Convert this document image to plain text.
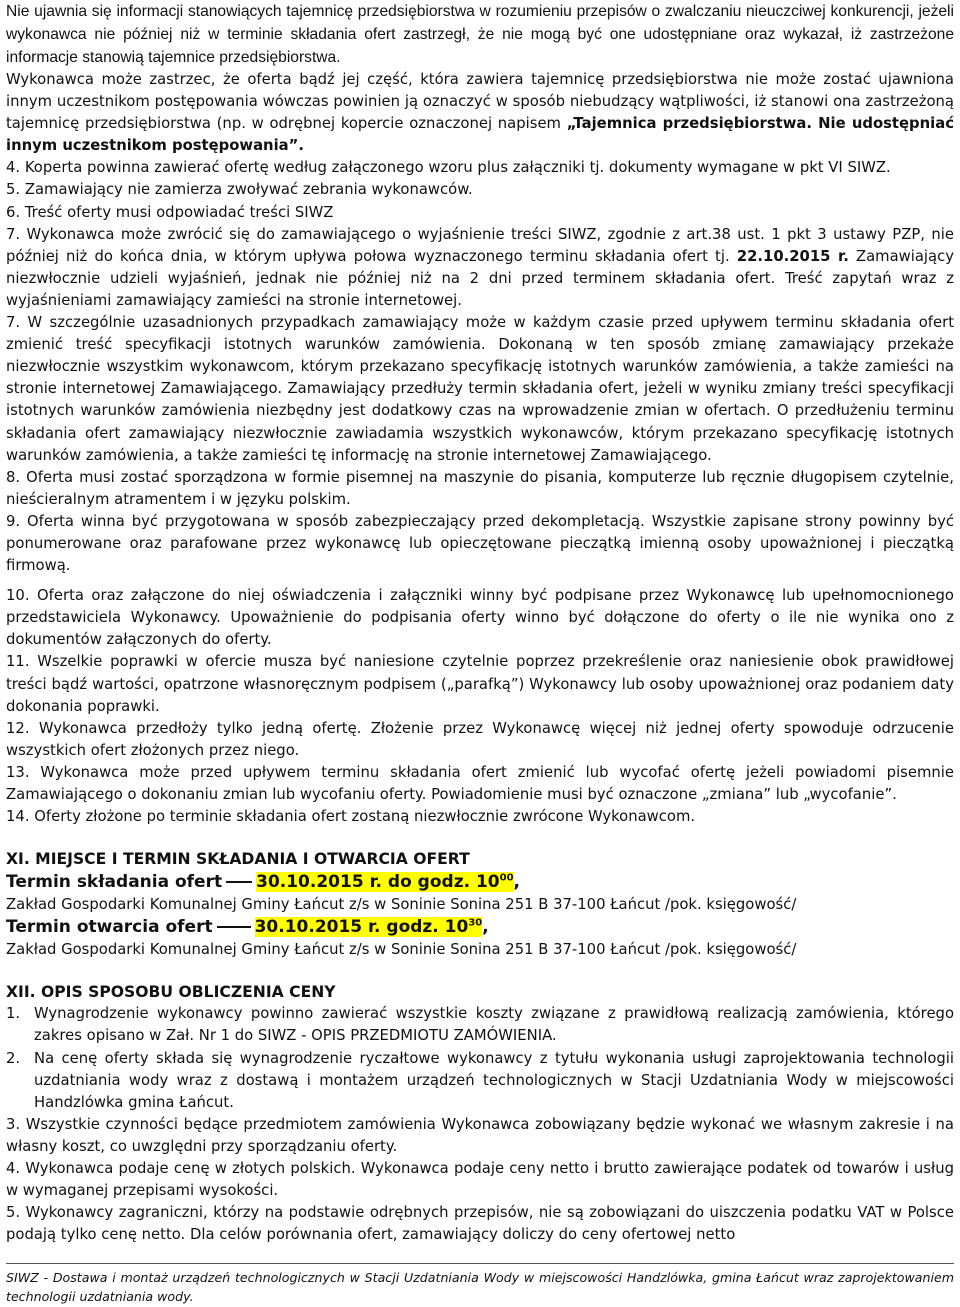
Nie ujawnia się informacji stanowiących tajemnicę przedsiębiorstwa w rozumieniu przepisów o zwalczaniu nieuczciwej konkurencji, jeżeli wykonawca nie później niż w terminie składania ofert zastrzegł, że nie mogą być one udostępniane oraz wykazał, iż zastrzeżone informacje stanowią tajemnice przedsiębiorstwa.

Wykonawca może zastrzec, że oferta bądź jej część, która zawiera tajemnicę przedsiębiorstwa nie może zostać ujawniona innym uczestnikom postępowania wówczas powinien ją oznaczyć w sposób niebudzący wątpliwości, iż stanowi ona zastrzeżoną tajemnicę przedsiębiorstwa (np. w odrębnej kopercie oznaczonej napisem „Tajemnica przedsiębiorstwa. Nie udostępniać innym uczestnikom postępowania”.

4. Koperta powinna zawierać ofertę według załączonego wzoru plus załączniki tj. dokumenty wymagane w pkt VI SIWZ.

5. Zamawiający nie zamierza zwoływać zebrania wykonawców.

6. Treść oferty musi odpowiadać treści SIWZ

7. Wykonawca może zwrócić się do zamawiającego o wyjaśnienie treści SIWZ, zgodnie z art.38 ust. 1 pkt 3 ustawy PZP, nie później niż do końca dnia, w którym upływa połowa wyznaczonego terminu składania ofert tj. 22.10.2015 r. Zamawiający niezwłocznie udzieli wyjaśnień, jednak nie później niż na 2 dni przed terminem składania ofert. Treść zapytań wraz z wyjaśnieniami zamawiający zamieści na stronie internetowej.

7. W szczególnie uzasadnionych przypadkach zamawiający może w każdym czasie przed upływem terminu składania ofert zmienić treść specyfikacji istotnych warunków zamówienia. Dokonaną w ten sposób zmianę zamawiający przekaże niezwłocznie wszystkim wykonawcom, którym przekazano specyfikację istotnych warunków zamówienia, a także zamieści na stronie internetowej Zamawiającego. Zamawiający przedłuży termin składania ofert, jeżeli w wyniku zmiany treści specyfikacji istotnych warunków zamówienia niezbędny jest dodatkowy czas na wprowadzenie zmian w ofertach. O przedłużeniu terminu składania ofert zamawiający niezwłocznie zawiadamia wszystkich wykonawców, którym przekazano specyfikację istotnych warunków zamówienia, a także zamieści tę informację na stronie internetowej Zamawiającego.

8. Oferta musi zostać sporządzona w formie pisemnej na maszynie do pisania, komputerze lub ręcznie długopisem czytelnie, nieścieralnym atramentem i w języku polskim.

9. Oferta winna być przygotowana w sposób zabezpieczający przed dekompletacją. Wszystkie zapisane strony powinny być ponumerowane oraz parafowane przez wykonawcę lub opieczętowane pieczątką imienną osoby upoważnionej i pieczątką firmową.

10. Oferta oraz załączone do niej oświadczenia i załączniki winny być podpisane przez Wykonawcę lub upełnomocnionego przedstawiciela Wykonawcy. Upoważnienie do podpisania oferty winno być dołączone do oferty o ile nie wynika ono z dokumentów załączonych do oferty.

11. Wszelkie poprawki w ofercie musza być naniesione czytelnie poprzez przekreślenie oraz naniesienie obok prawidłowej treści bądź wartości, opatrzone własnoręcznym podpisem („parafką”) Wykonawcy lub osoby upoważnionej oraz podaniem daty dokonania poprawki.

12. Wykonawca przedłoży tylko jedną ofertę. Złożenie przez Wykonawcę więcej niż jednej oferty spowoduje odrzucenie wszystkich ofert złożonych przez niego.

13. Wykonawca może przed upływem terminu składania ofert zmienić lub wycofać ofertę jeżeli powiadomi pisemnie Zamawiającego o dokonaniu zmian lub wycofaniu oferty. Powiadomienie musi być oznaczone „zmiana” lub „wycofanie”.

14. Oferty złożone po terminie składania ofert zostaną niezwłocznie zwrócone Wykonawcom.

XI. MIEJSCE I TERMIN SKŁADANIA I OTWARCIA OFERT
Termin składania ofert 30.10.2015 r. do godz. $10^{00}$,

Zakład Gospodarki Komunalnej Gminy Łańcut z/s w Soninie Sonina 251 B 37-100 Łańcut /pok. księgowość/

Termin otwarcia ofert 30.10.2015 r. godz. $10^{30}$,

Zakład Gospodarki Komunalnej Gminy Łańcut z/s w Soninie Sonina 251 B 37-100 Łańcut /pok. księgowość/

XII. OPIS SPOSOBU OBLICZENIA CENY
1. Wynagrodzenie wykonawcy powinno zawierać wszystkie koszty związane z prawidłową realizacją zamówienia, którego zakres opisano w Zał. Nr 1 do SIWZ - OPIS PRZEDMIOTU ZAMÓWIENIA.
2. Na cenę oferty składa się wynagrodzenie ryczałtowe wykonawcy z tytułu wykonania usługi zaprojektowania technologii uzdatniania wody wraz z dostawą i montażem urządzeń technologicznych w Stacji Uzdatniania Wody w miejscowości Handzlówka gmina Łańcut.

3. Wszystkie czynności będące przedmiotem zamówienia Wykonawca zobowiązany będzie wykonać we własnym zakresie i na własny koszt, co uwzględni przy sporządzaniu oferty.

4. Wykonawca podaje cenę w złotych polskich. Wykonawca podaje ceny netto i brutto zawierające podatek od towarów i usług w wymaganej przepisami wysokości.

5. Wykonawcy zagraniczni, którzy na podstawie odrębnych przepisów, nie są zobowiązani do uiszczenia podatku VAT w Polsce podają tylko cenę netto. Dla celów porównania ofert, zamawiający doliczy do ceny ofertowej netto

SIWZ - Dostawa i montaż urządzeń technologicznych w Stacji Uzdatniania Wody w miejscowości Handzlówka, gmina Łańcut wraz zaprojektowaniem technologii uzdatniania wody.
